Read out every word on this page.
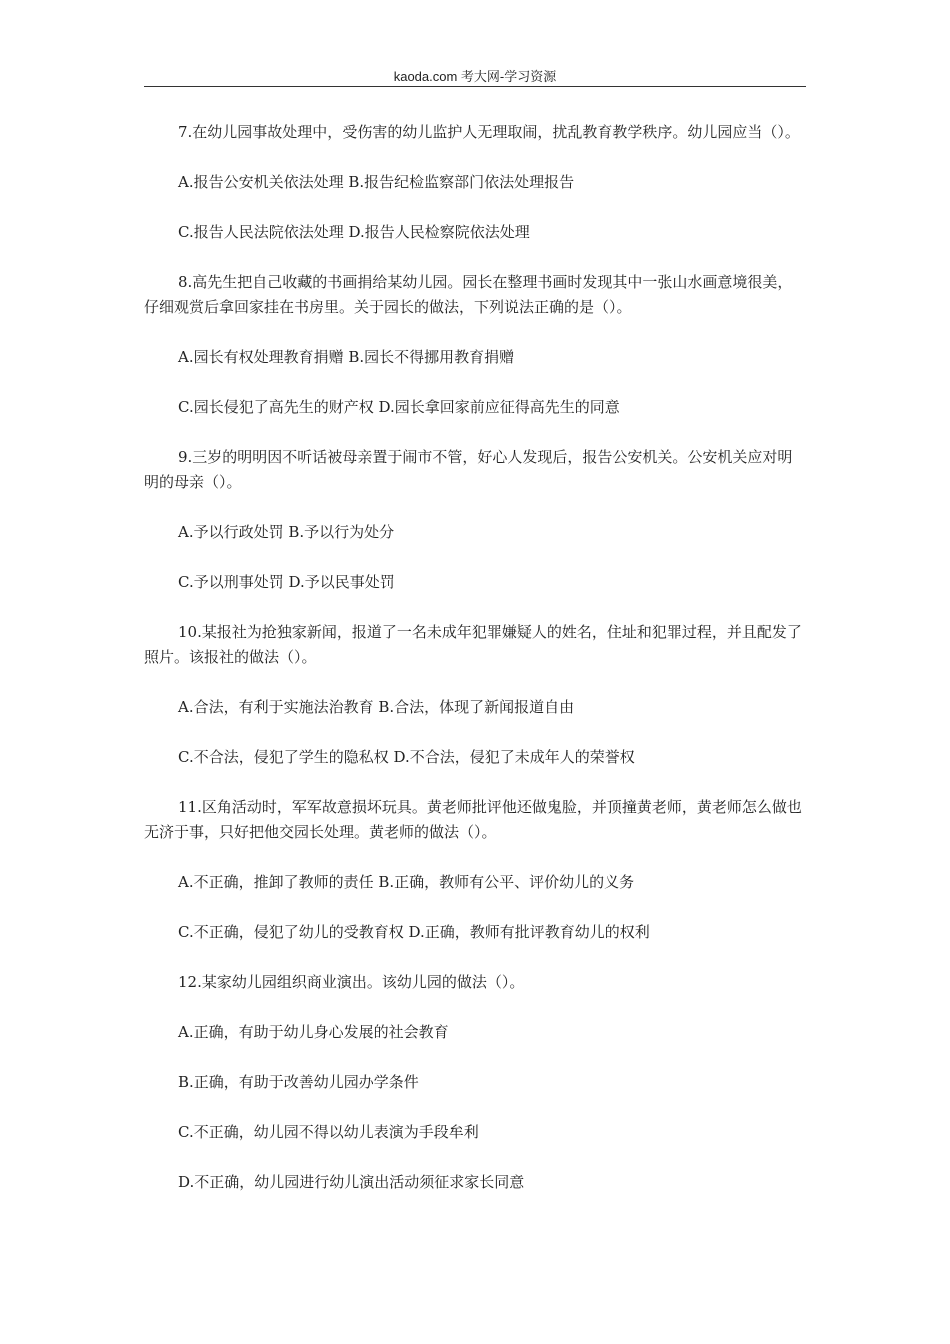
kaoda.com 考大网-学习资源

7.在幼儿园事故处理中，受伤害的幼儿监护人无理取闹，扰乱教育教学秩序。幼儿园应当（）。

A.报告公安机关依法处理 B.报告纪检监察部门依法处理报告

C.报告人民法院依法处理 D.报告人民检察院依法处理

8.高先生把自己收藏的书画捐给某幼儿园。园长在整理书画时发现其中一张山水画意境很美，仔细观赏后拿回家挂在书房里。关于园长的做法，下列说法正确的是（）。

A.园长有权处理教育捐赠 B.园长不得挪用教育捐赠

C.园长侵犯了高先生的财产权 D.园长拿回家前应征得高先生的同意

9.三岁的明明因不听话被母亲置于闹市不管，好心人发现后，报告公安机关。公安机关应对明明的母亲（）。

A.予以行政处罚 B.予以行为处分

C.予以刑事处罚 D.予以民事处罚

10.某报社为抢独家新闻，报道了一名未成年犯罪嫌疑人的姓名，住址和犯罪过程，并且配发了照片。该报社的做法（）。

A.合法，有利于实施法治教育 B.合法，体现了新闻报道自由

C.不合法，侵犯了学生的隐私权 D.不合法，侵犯了未成年人的荣誉权

11.区角活动时，军军故意损坏玩具。黄老师批评他还做鬼脸，并顶撞黄老师，黄老师怎么做也无济于事，只好把他交园长处理。黄老师的做法（）。

A.不正确，推卸了教师的责任 B.正确，教师有公平、评价幼儿的义务

C.不正确，侵犯了幼儿的受教育权 D.正确，教师有批评教育幼儿的权利

12.某家幼儿园组织商业演出。该幼儿园的做法（）。

A.正确，有助于幼儿身心发展的社会教育

B.正确，有助于改善幼儿园办学条件

C.不正确，幼儿园不得以幼儿表演为手段牟利

D.不正确，幼儿园进行幼儿演出活动须征求家长同意
